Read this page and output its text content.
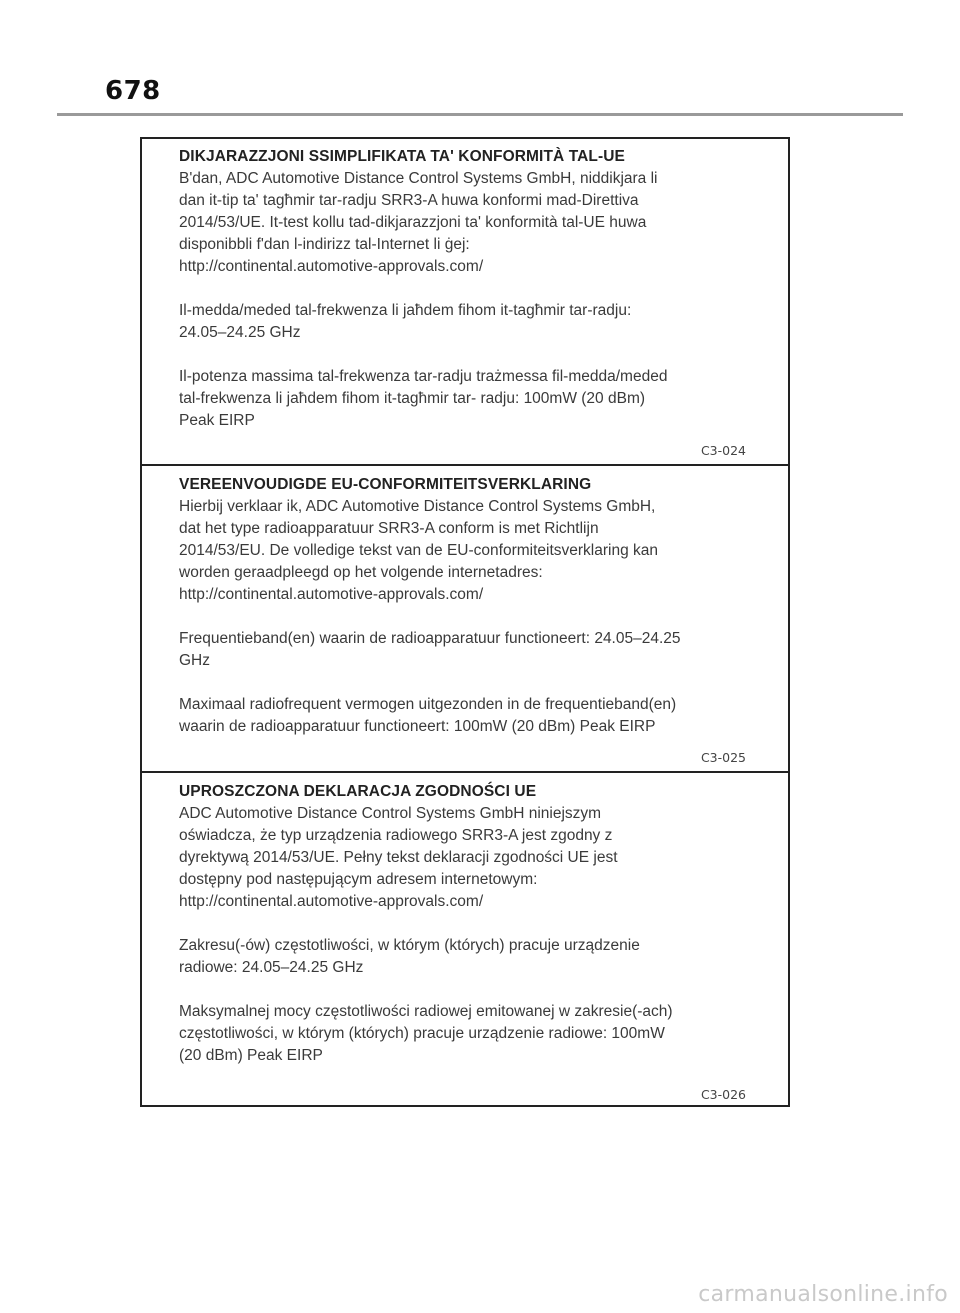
678
DIKJARAZZJONI SSIMPLIFIKATA TA' KONFORMITÀ TAL-UE

B'dan, ADC Automotive Distance Control Systems GmbH, niddikjara li

dan it-tip ta' tagħmir tar-radju SRR3-A huwa konformi mad-Direttiva

2014/53/UE. It-test kollu tad-dikjarazzjoni ta' konformità tal-UE huwa

disponibbli f'dan l-indirizz tal-Internet li ġej:

http://continental.automotive-approvals.com/

Il-medda/meded tal-frekwenza li jaħdem fihom it-tagħmir tar-radju:

24.05–24.25 GHz

Il-potenza massima tal-frekwenza tar-radju trażmessa fil-medda/meded

tal-frekwenza li jaħdem fihom it-tagħmir tar- radju: 100mW (20 dBm)

Peak EIRP

C3-024
VEREENVOUDIGDE EU-CONFORMITEITSVERKLARING

Hierbij verklaar ik, ADC Automotive Distance Control Systems GmbH,

dat het type radioapparatuur SRR3-A conform is met Richtlijn

2014/53/EU. De volledige tekst van de EU-conformiteitsverklaring kan

worden geraadpleegd op het volgende internetadres:

http://continental.automotive-approvals.com/

Frequentieband(en) waarin de radioapparatuur functioneert: 24.05–24.25

GHz

Maximaal radiofrequent vermogen uitgezonden in de frequentieband(en)

waarin de radioapparatuur functioneert: 100mW (20 dBm) Peak EIRP

C3-025
UPROSZCZONA DEKLARACJA ZGODNOŚCI UE

ADC Automotive Distance Control Systems GmbH niniejszym

oświadcza, że typ urządzenia radiowego SRR3-A jest zgodny z

dyrektywą 2014/53/UE. Pełny tekst deklaracji zgodności UE jest

dostępny pod następującym adresem internetowym:

http://continental.automotive-approvals.com/

Zakresu(-ów) częstotliwości, w którym (których) pracuje urządzenie

radiowe: 24.05–24.25 GHz

Maksymalnej mocy częstotliwości radiowej emitowanej w zakresie(-ach)

częstotliwości, w którym (których) pracuje urządzenie radiowe: 100mW

(20 dBm) Peak EIRP

C3-026
carmanualsonline.info
